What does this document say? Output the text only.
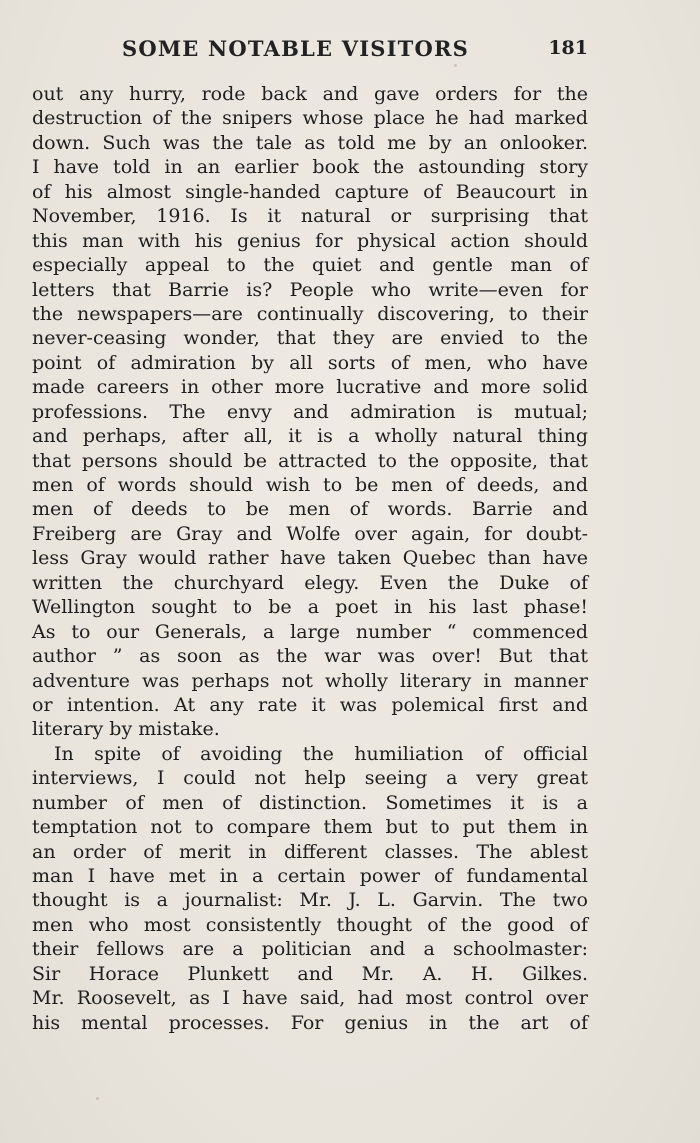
SOME NOTABLE VISITORS	181
out any hurry, rode back and gave orders for the
destruction of the snipers whose place he had marked
down. Such was the tale as told me by an onlooker.
I have told in an earlier book the astounding story
of his almost single-handed capture of Beaucourt in
November, 1916. Is it natural or surprising that
this man with his genius for physical action should
especially appeal to the quiet and gentle man of
letters that Barrie is? People who write—even for
the newspapers—are continually discovering, to their
never-ceasing wonder, that they are envied to the
point of admiration by all sorts of men, who have
made careers in other more lucrative and more solid
professions. The envy and admiration is mutual;
and perhaps, after all, it is a wholly natural thing
that persons should be attracted to the opposite, that
men of words should wish to be men of deeds, and
men of deeds to be men of words. Barrie and
Freiberg are Gray and Wolfe over again, for doubt-
less Gray would rather have taken Quebec than have
written the churchyard elegy. Even the Duke of
Wellington sought to be a poet in his last phase!
As to our Generals, a large number “ commenced
author ” as soon as the war was over! But that
adventure was perhaps not wholly literary in manner
or intention. At any rate it was polemical first and
literary by mistake.
In spite of avoiding the humiliation of official
interviews, I could not help seeing a very great
number of men of distinction. Sometimes it is a
temptation not to compare them but to put them in
an order of merit in different classes. The ablest
man I have met in a certain power of fundamental
thought is a journalist: Mr. J. L. Garvin. The two
men who most consistently thought of the good of
their fellows are a politician and a schoolmaster:
Sir Horace Plunkett and Mr. A. H. Gilkes.
Mr. Roosevelt, as I have said, had most control over
his mental processes. For genius in the art of
